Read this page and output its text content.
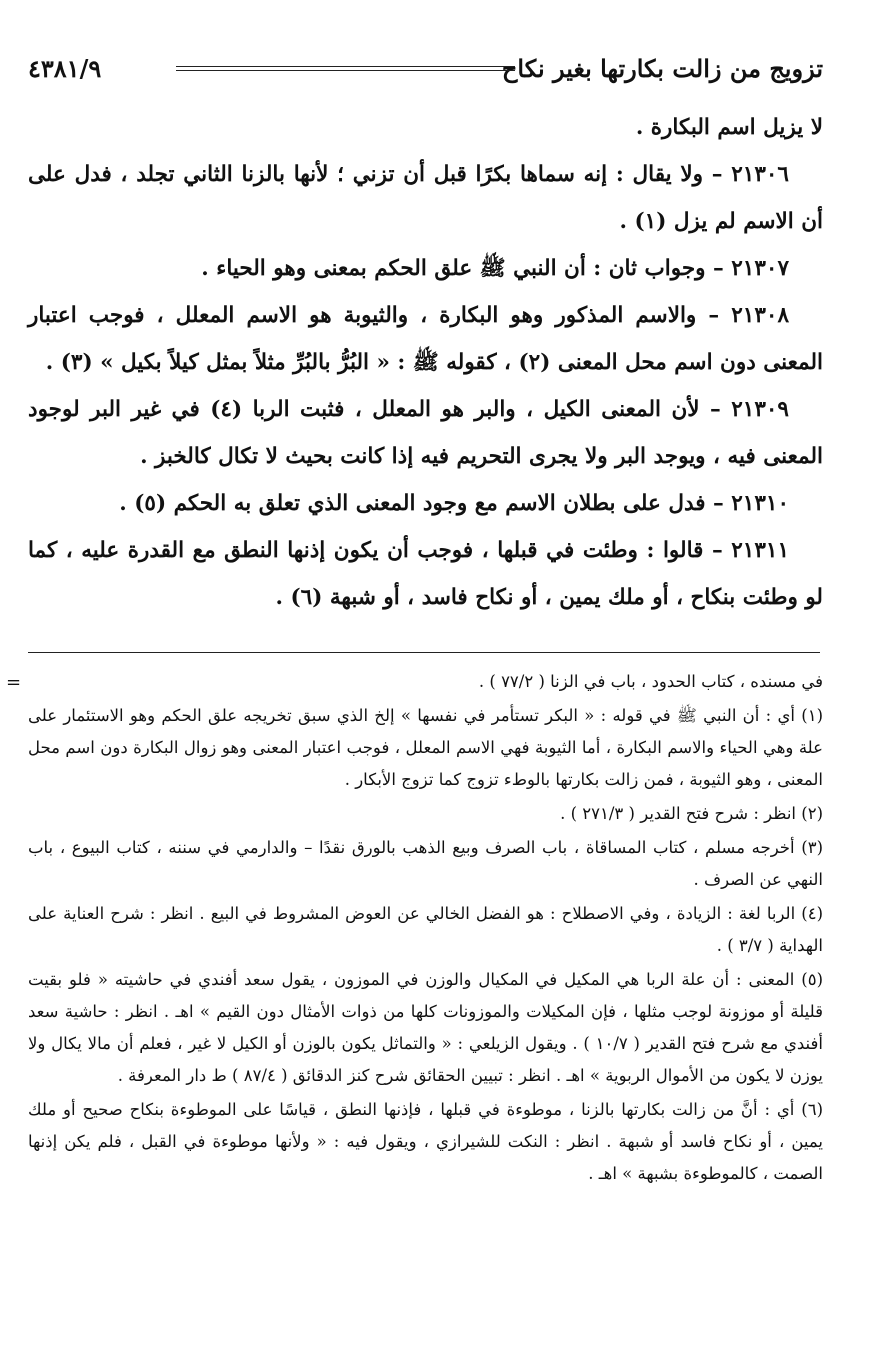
تزويج من زالت بكارتها بغير نكاح
٤٣٨١/٩

لا يزيل اسم البكارة .

٢١٣٠٦ – ولا يقال : إنه سماها بكرًا قبل أن تزني ؛ لأنها بالزنا الثاني تجلد ، فدل على أن الاسم لم يزل (١) .

٢١٣٠٧ – وجواب ثان : أن النبي ﷺ علق الحكم بمعنى وهو الحياء .

٢١٣٠٨ – والاسم المذكور وهو البكارة ، والثيوبة هو الاسم المعلل ، فوجب اعتبار المعنى دون اسم محل المعنى (٢) ، كقوله ﷺ : « البُرُّ بالبُرِّ مثلاً بمثل كيلاً بكيل » (٣) .

٢١٣٠٩ – لأن المعنى الكيل ، والبر هو المعلل ، فثبت الربا (٤) في غير البر لوجود المعنى فيه ، ويوجد البر ولا يجرى التحريم فيه إذا كانت بحيث لا تكال كالخبز .

٢١٣١٠ – فدل على بطلان الاسم مع وجود المعنى الذي تعلق به الحكم (٥) .

٢١٣١١ – قالوا : وطئت في قبلها ، فوجب أن يكون إذنها النطق مع القدرة عليه ، كما لو وطئت بنكاح ، أو ملك يمين ، أو نكاح فاسد ، أو شبهة (٦) .

=	في مسنده ، كتاب الحدود ، باب في الزنا ( ٧٧/٢ ) .

(١) أي : أن النبي ﷺ في قوله : « البكر تستأمر في نفسها » إلخ الذي سبق تخريجه علق الحكم وهو الاستئمار على علة وهي الحياء والاسم البكارة ، أما الثيوبة فهي الاسم المعلل ، فوجب اعتبار المعنى وهو زوال البكارة دون اسم محل المعنى ، وهو الثيوبة ، فمن زالت بكارتها بالوطء تزوج كما تزوج الأبكار .

(٢) انظر : شرح فتح القدير ( ٢٧١/٣ ) .

(٣) أخرجه مسلم ، كتاب المساقاة ، باب الصرف وبيع الذهب بالورق نقدًا – والدارمي في سننه ، كتاب البيوع ، باب النهي عن الصرف .

(٤) الربا لغة : الزيادة ، وفي الاصطلاح : هو الفضل الخالي عن العوض المشروط في البيع . انظر : شرح العناية على الهداية ( ٣/٧ ) .

(٥) المعنى : أن علة الربا هي المكيل في المكيال والوزن في الموزون ، يقول سعد أفندي في حاشيته « فلو بقيت قليلة أو موزونة لوجب مثلها ، فإن المكيلات والموزونات كلها من ذوات الأمثال دون القيم » اهـ . انظر : حاشية سعد أفندي مع شرح فتح القدير ( ١٠/٧ ) . ويقول الزيلعي : « والتماثل يكون بالوزن أو الكيل لا غير ، فعلم أن مالا يكال ولا يوزن لا يكون من الأموال الربوية » اهـ . انظر : تبيين الحقائق شرح كنز الدقائق ( ٨٧/٤ ) ط دار المعرفة .

(٦) أي : أنَّ من زالت بكارتها بالزنا ، موطوءة في قبلها ، فإذنها النطق ، قياسًا على الموطوءة بنكاح صحيح أو ملك يمين ، أو نكاح فاسد أو شبهة . انظر : النكت للشيرازي ، ويقول فيه : « ولأنها موطوءة في القبل ، فلم يكن إذنها الصمت ، كالموطوءة بشبهة » اهـ .
